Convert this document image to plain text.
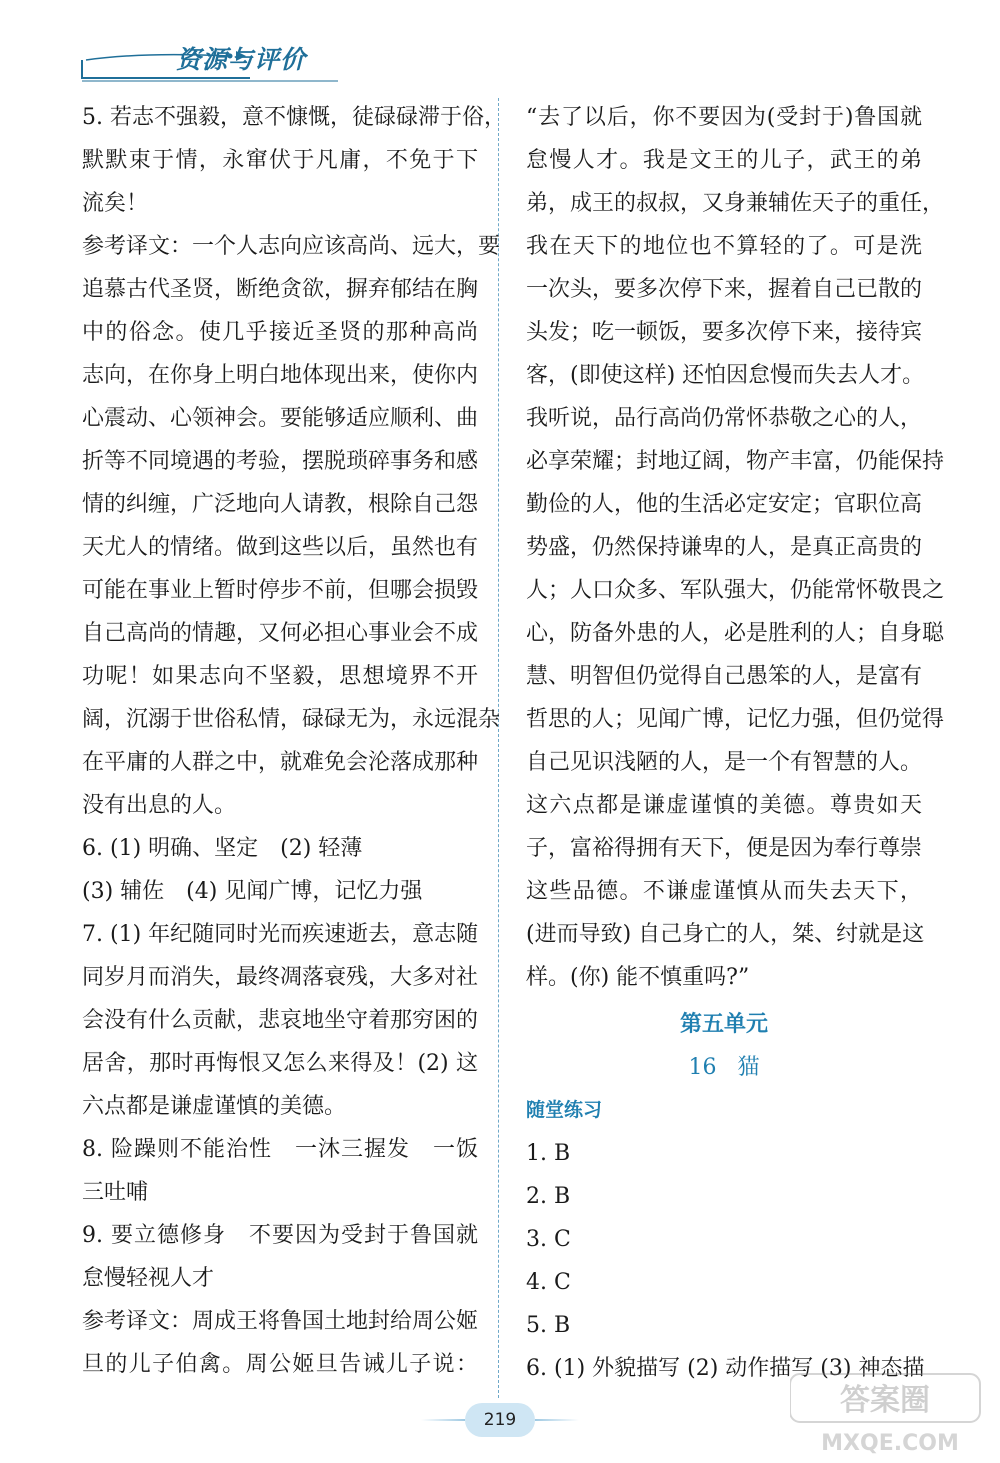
资源与评价
5. 若志不强毅，意不慷慨，徒碌碌滞于俗，
默默束于情，永窜伏于凡庸，不免于下
流矣！
参考译文：一个人志向应该高尚、远大，要
追慕古代圣贤，断绝贪欲，摒弃郁结在胸
中的俗念。使几乎接近圣贤的那种高尚
志向，在你身上明白地体现出来，使你内
心震动、心领神会。要能够适应顺利、曲
折等不同境遇的考验，摆脱琐碎事务和感
情的纠缠，广泛地向人请教，根除自己怨
天尤人的情绪。做到这些以后，虽然也有
可能在事业上暂时停步不前，但哪会损毁
自己高尚的情趣，又何必担心事业会不成
功呢！如果志向不坚毅，思想境界不开
阔，沉溺于世俗私情，碌碌无为，永远混杂
在平庸的人群之中，就难免会沦落成那种
没有出息的人。
6. (1) 明确、坚定　(2) 轻薄
(3) 辅佐　(4) 见闻广博，记忆力强
7. (1) 年纪随同时光而疾速逝去，意志随
同岁月而消失，最终凋落衰残，大多对社
会没有什么贡献，悲哀地坐守着那穷困的
居舍，那时再悔恨又怎么来得及！(2) 这
六点都是谦虚谨慎的美德。
8. 险躁则不能治性　一沐三握发　一饭
三吐哺
9. 要立德修身　不要因为受封于鲁国就
怠慢轻视人才
参考译文：周成王将鲁国土地封给周公姬
旦的儿子伯禽。周公姬旦告诫儿子说：
“去了以后，你不要因为(受封于)鲁国就
怠慢人才。我是文王的儿子，武王的弟
弟，成王的叔叔，又身兼辅佐天子的重任，
我在天下的地位也不算轻的了。可是洗
一次头，要多次停下来，握着自己已散的
头发；吃一顿饭，要多次停下来，接待宾
客，(即使这样) 还怕因怠慢而失去人才。
我听说，品行高尚仍常怀恭敬之心的人，
必享荣耀；封地辽阔，物产丰富，仍能保持
勤俭的人，他的生活必定安定；官职位高
势盛，仍然保持谦卑的人，是真正高贵的
人；人口众多、军队强大，仍能常怀敬畏之
心，防备外患的人，必是胜利的人；自身聪
慧、明智但仍觉得自己愚笨的人，是富有
哲思的人；见闻广博，记忆力强，但仍觉得
自己见识浅陋的人，是一个有智慧的人。
这六点都是谦虚谨慎的美德。尊贵如天
子，富裕得拥有天下，便是因为奉行尊崇
这些品德。不谦虚谨慎从而失去天下，
(进而导致) 自己身亡的人，桀、纣就是这
样。(你) 能不慎重吗?”
第五单元
16 猫
随堂练习
1. B
2. B
3. C
4. C
5. B
6. (1) 外貌描写 (2) 动作描写 (3) 神态描
219
答案圈
MXQE.COM
